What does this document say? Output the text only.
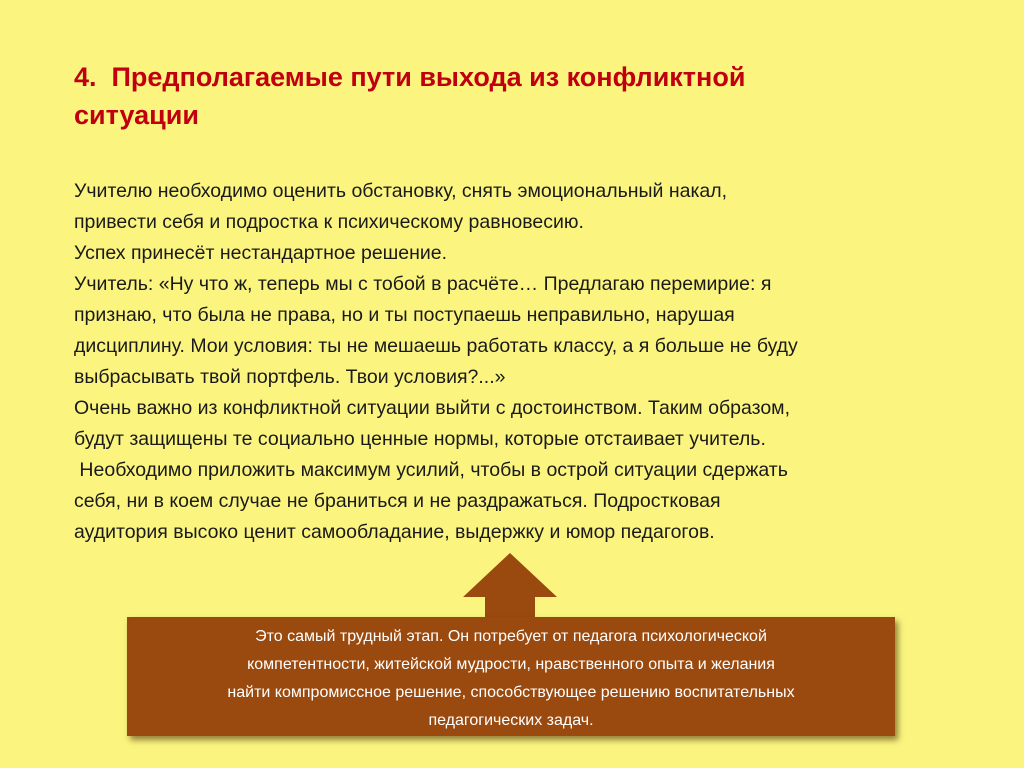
4.  Предполагаемые пути выхода из конфликтной
ситуации

Учителю необходимо оценить обстановку, снять эмоциональный накал,
привести себя и подростка к психическому равновесию.

Успех принесёт нестандартное решение.

Учитель: «Ну что ж, теперь мы с тобой в расчёте… Предлагаю перемирие: я
признаю, что была не права, но и ты поступаешь неправильно, нарушая
дисциплину. Мои условия: ты не мешаешь работать классу, а я больше не буду
выбрасывать твой портфель. Твои условия?...»

Очень важно из конфликтной ситуации выйти с достоинством. Таким образом,
будут защищены те социально ценные нормы, которые отстаивает учитель.

Необходимо приложить максимум усилий, чтобы в острой ситуации сдержать
себя, ни в коем случае не браниться и не раздражаться. Подростковая
аудитория высоко ценит самообладание, выдержку и юмор педагогов.

Это самый трудный этап. Он потребует от педагога психологической
компетентности, житейской мудрости, нравственного опыта и желания
найти компромиссное решение, способствующее решению воспитательных
педагогических задач.
